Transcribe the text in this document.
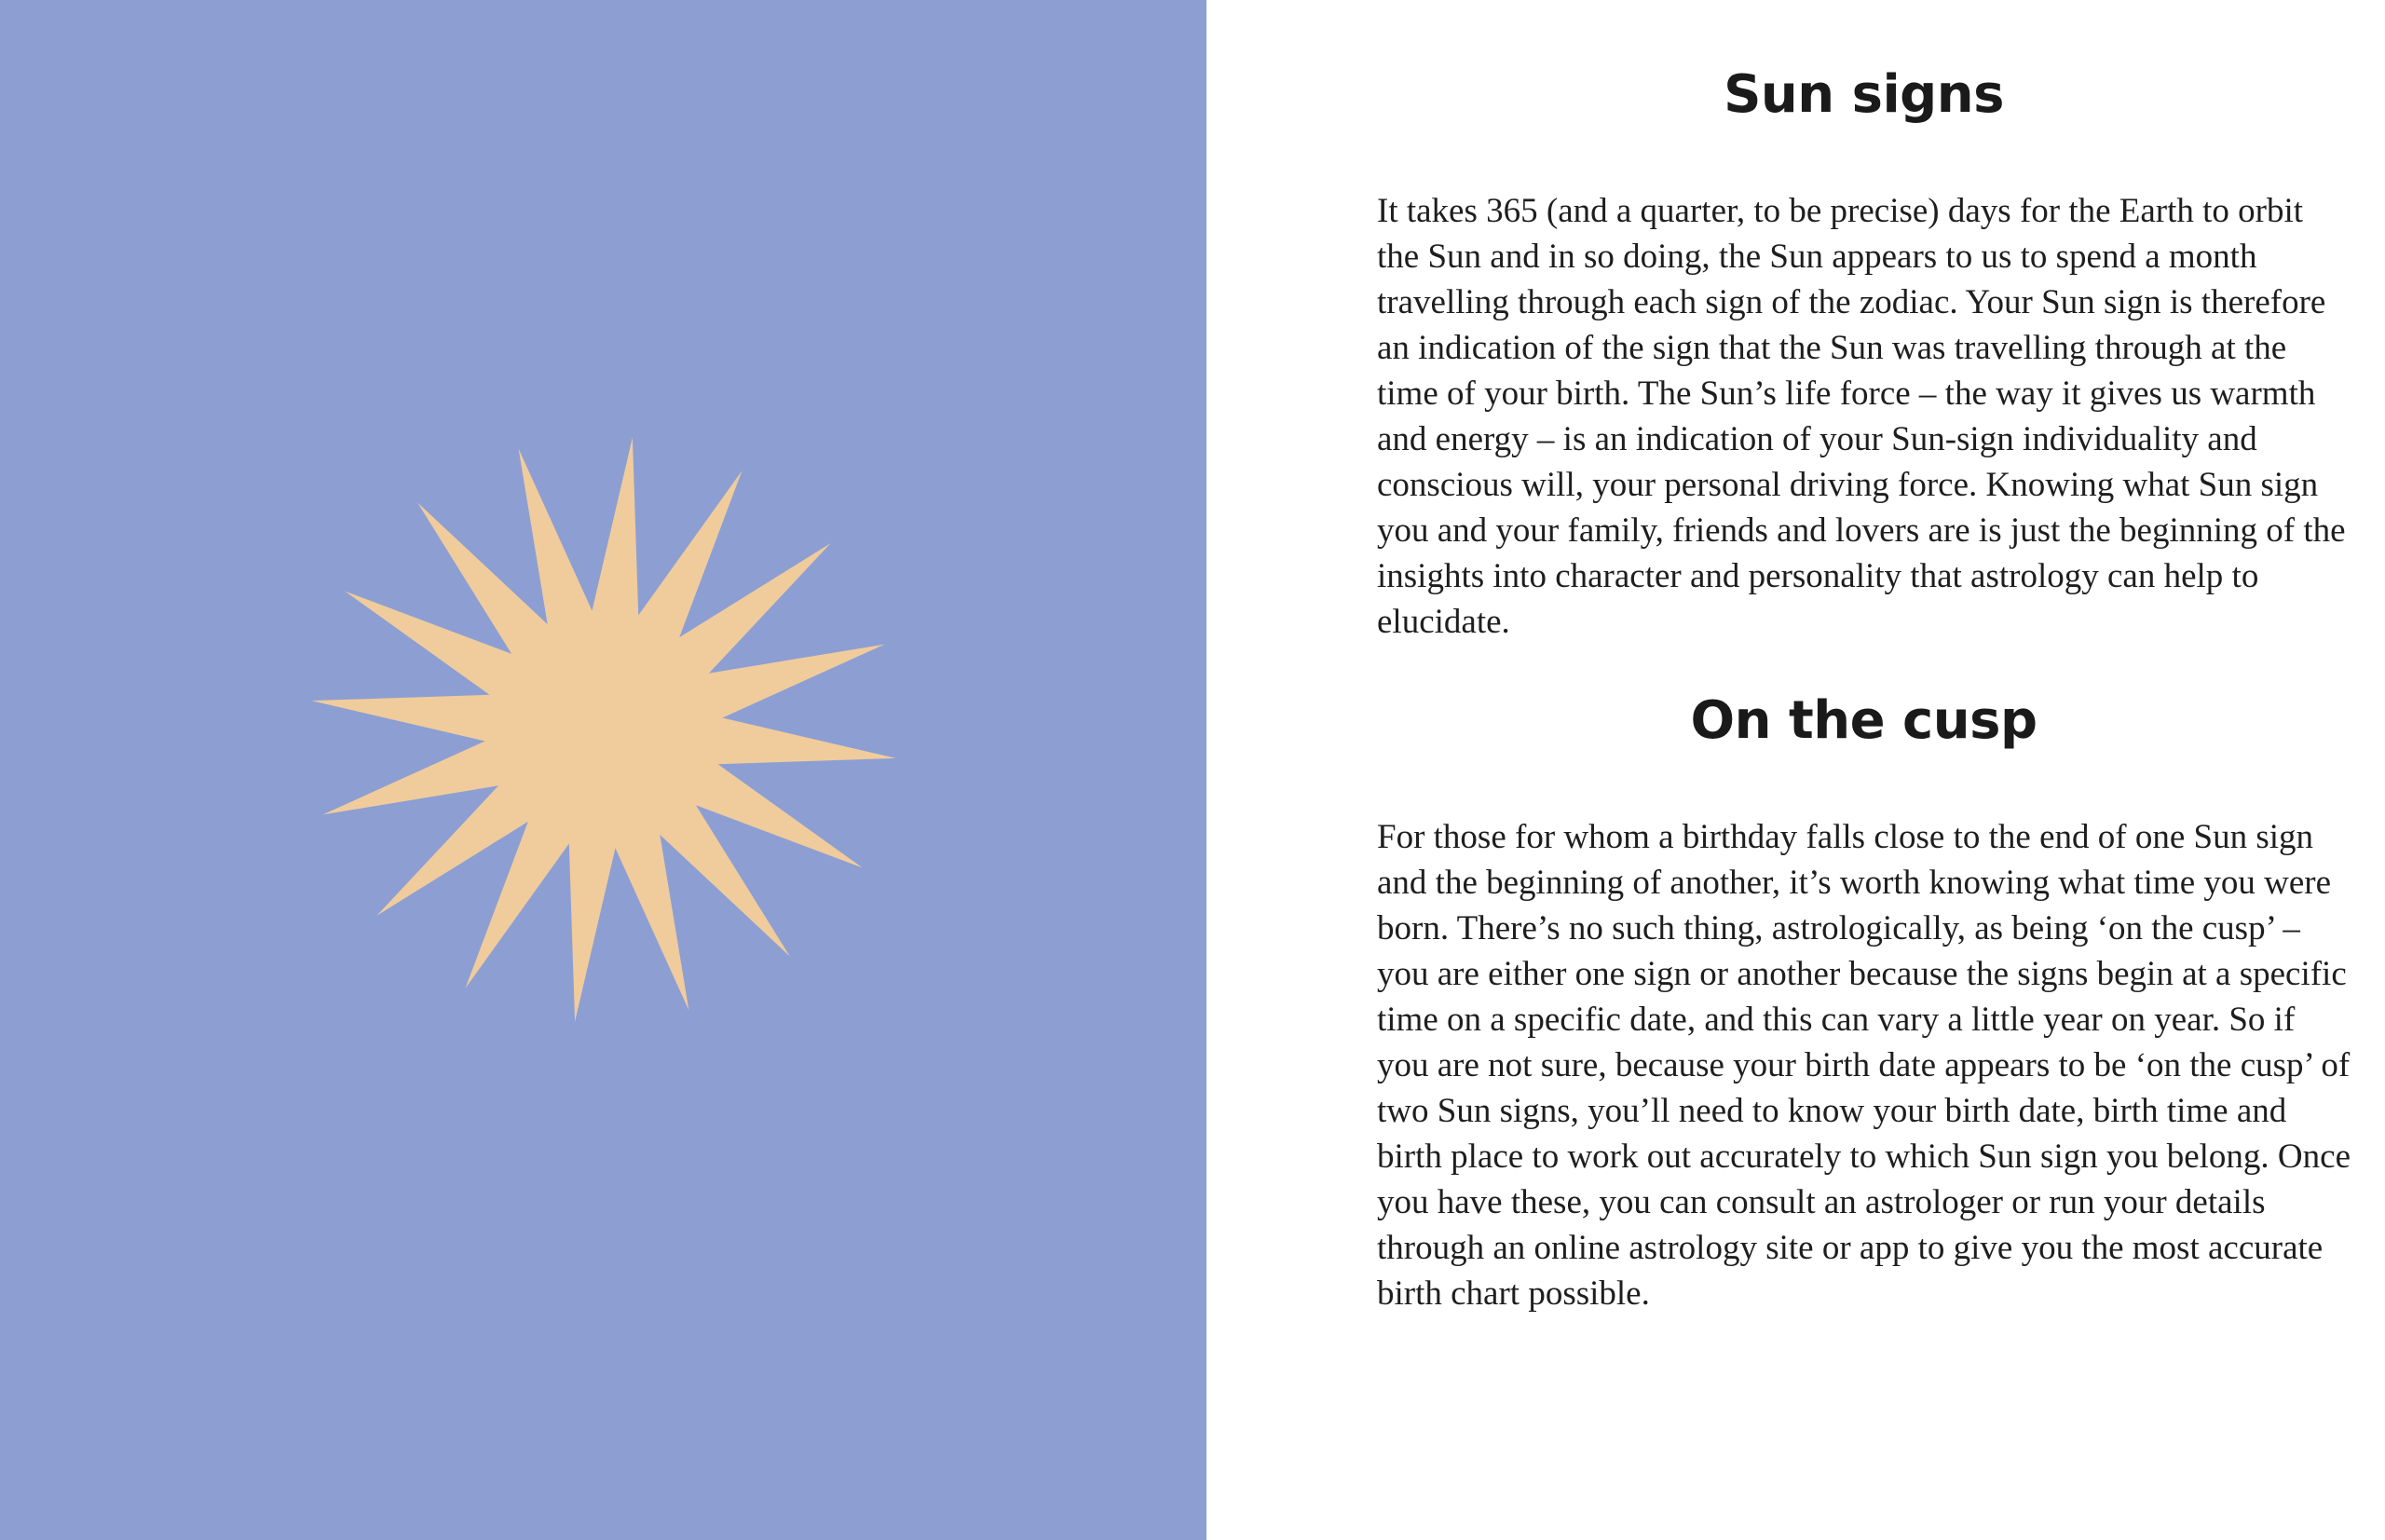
Sun signs

It takes 365 (and a quarter, to be precise) days for the Earth to orbit the Sun and in so doing, the Sun appears to us to spend a month travelling through each sign of the zodiac. Your Sun sign is therefore an indication of the sign that the Sun was travelling through at the time of your birth. The Sun’s life force – the way it gives us warmth and energy – is an indication of your Sun-sign individuality and conscious will, your personal driving force. Knowing what Sun sign you and your family, friends and lovers are is just the beginning of the insights into character and personality that astrology can help to elucidate.

On the cusp

For those for whom a birthday falls close to the end of one Sun sign and the beginning of another, it’s worth knowing what time you were born. There’s no such thing, astrologically, as being ‘on the cusp’ – you are either one sign or another because the signs begin at a specific time on a specific date, and this can vary a little year on year. So if you are not sure, because your birth date appears to be ‘on the cusp’ of two Sun signs, you’ll need to know your birth date, birth time and birth place to work out accurately to which Sun sign you belong. Once you have these, you can consult an astrologer or run your details through an online astrology site or app to give you the most accurate birth chart possible.
